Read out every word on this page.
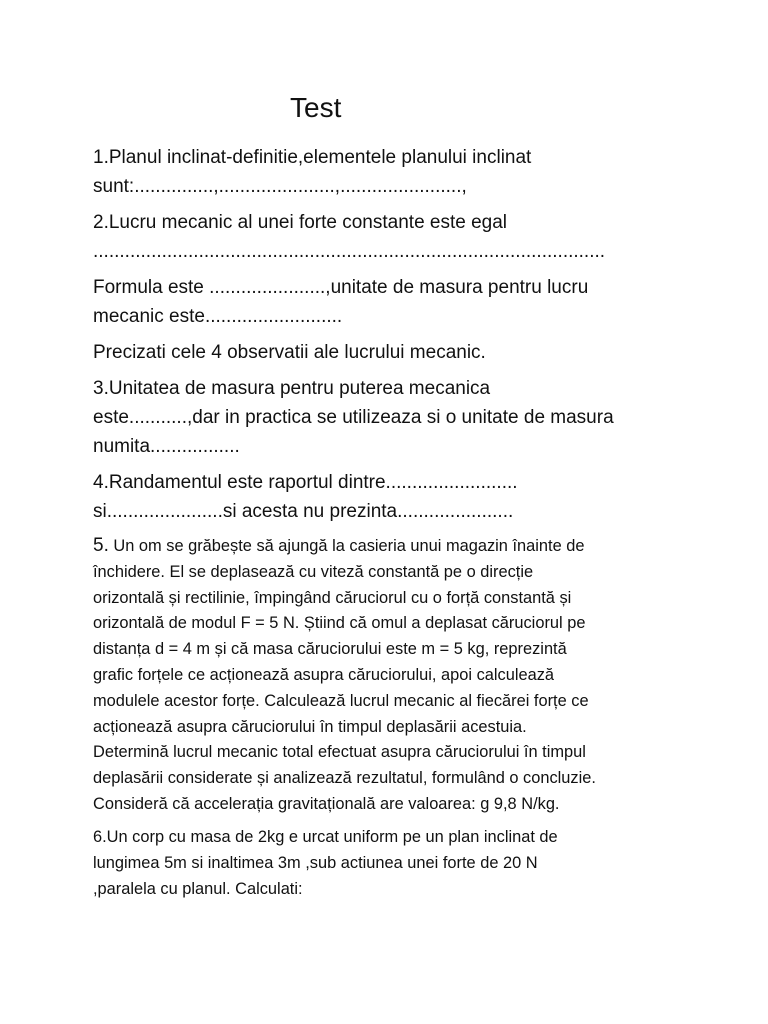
Test

1.Planul inclinat-definitie,elementele planului inclinat
sunt:...............,......................,.......................,

2.Lucru mecanic al unei forte constante este egal
.................................................................................................

Formula este ......................,unitate de masura pentru lucru
mecanic este..........................

Precizati cele 4 observatii ale lucrului mecanic.

3.Unitatea de masura pentru puterea mecanica
este...........,dar in practica se utilizeaza si o unitate de masura
numita.................

4.Randamentul este raportul dintre.........................
si......................si acesta nu prezinta......................

5. Un om se grăbește să ajungă la casieria unui magazin înainte de
închidere. El se deplasează cu viteză constantă pe o direcție
orizontală și rectilinie, împingând căruciorul cu o forță constantă și
orizontală de modul F = 5 N. Știind că omul a deplasat căruciorul pe
distanța d = 4 m și că masa căruciorului este m = 5 kg, reprezintă
grafic forțele ce acționează asupra căruciorului, apoi calculează
modulele acestor forțe. Calculează lucrul mecanic al fiecărei forțe ce
acționează asupra căruciorului în timpul deplasării acestuia.
Determină lucrul mecanic total efectuat asupra căruciorului în timpul
deplasării considerate și analizează rezultatul, formulând o concluzie.
Consideră că accelerația gravitațională are valoarea: g 9,8 N/kg.

6.Un corp cu masa de 2kg e urcat uniform pe un plan inclinat de
lungimea 5m si inaltimea 3m ,sub actiunea unei forte de 20 N
,paralela cu planul. Calculati:
